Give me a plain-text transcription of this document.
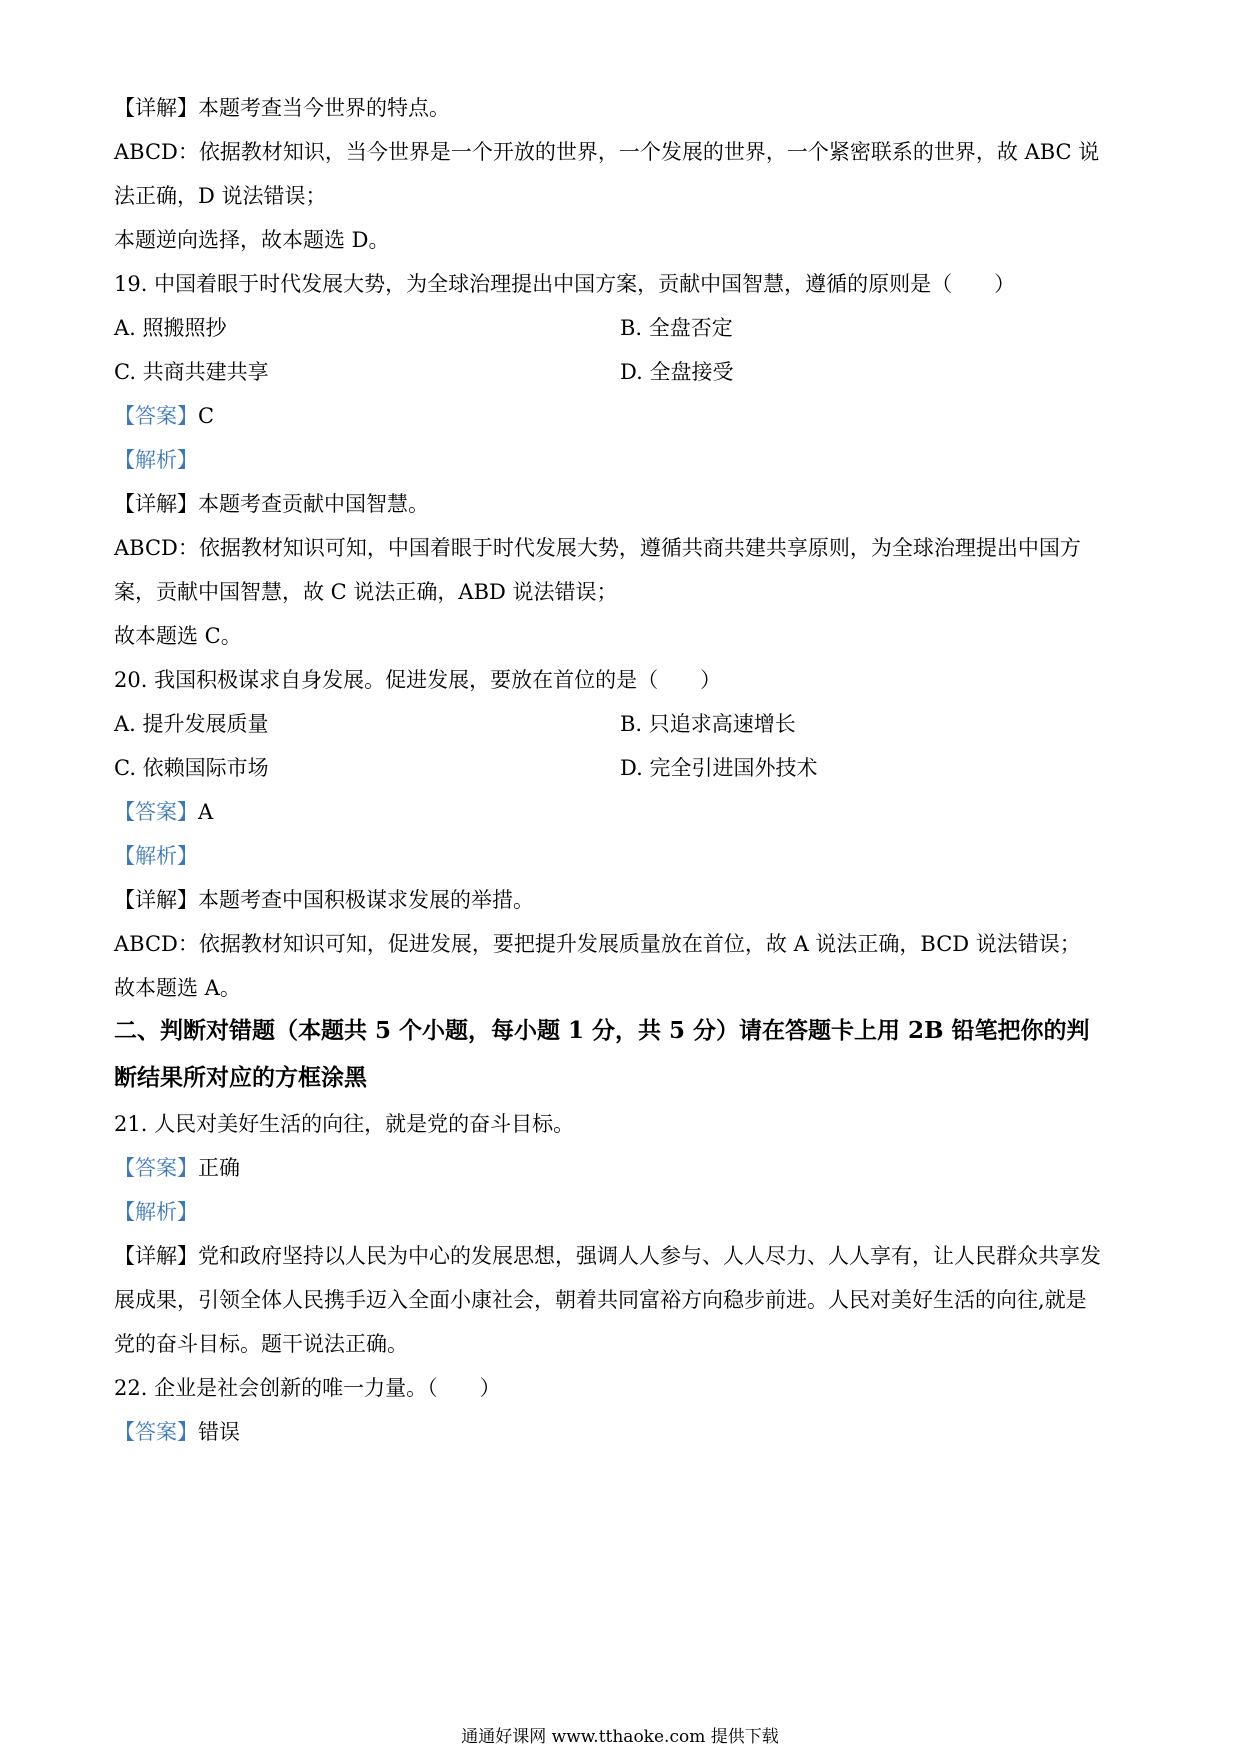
【详解】本题考查当今世界的特点。
ABCD：依据教材知识，当今世界是一个开放的世界，一个发展的世界，一个紧密联系的世界，故 ABC 说
法正确，D 说法错误；
本题逆向选择，故本题选 D。
19. 中国着眼于时代发展大势，为全球治理提出中国方案，贡献中国智慧，遵循的原则是（　　）
A. 照搬照抄	B. 全盘否定
C. 共商共建共享	D. 全盘接受
【答案】C
【解析】
【详解】本题考查贡献中国智慧。
ABCD：依据教材知识可知，中国着眼于时代发展大势，遵循共商共建共享原则，为全球治理提出中国方
案，贡献中国智慧，故 C 说法正确，ABD 说法错误；
故本题选 C。
20. 我国积极谋求自身发展。促进发展，要放在首位的是（　　）
A. 提升发展质量	B. 只追求高速增长
C. 依赖国际市场	D. 完全引进国外技术
【答案】A
【解析】
【详解】本题考查中国积极谋求发展的举措。
ABCD：依据教材知识可知，促进发展，要把提升发展质量放在首位，故 A 说法正确，BCD 说法错误；
故本题选 A。
二、判断对错题（本题共 5 个小题，每小题 1 分，共 5 分）请在答题卡上用 2B 铅笔把你的判
断结果所对应的方框涂黑
21. 人民对美好生活的向往，就是党的奋斗目标。
【答案】正确
【解析】
【详解】党和政府坚持以人民为中心的发展思想，强调人人参与、人人尽力、人人享有，让人民群众共享发
展成果，引领全体人民携手迈入全面小康社会，朝着共同富裕方向稳步前进。人民对美好生活的向往,就是
党的奋斗目标。题干说法正确。
22. 企业是社会创新的唯一力量。（　　）
【答案】错误
通通好课网 www.tthaoke.com 提供下载
